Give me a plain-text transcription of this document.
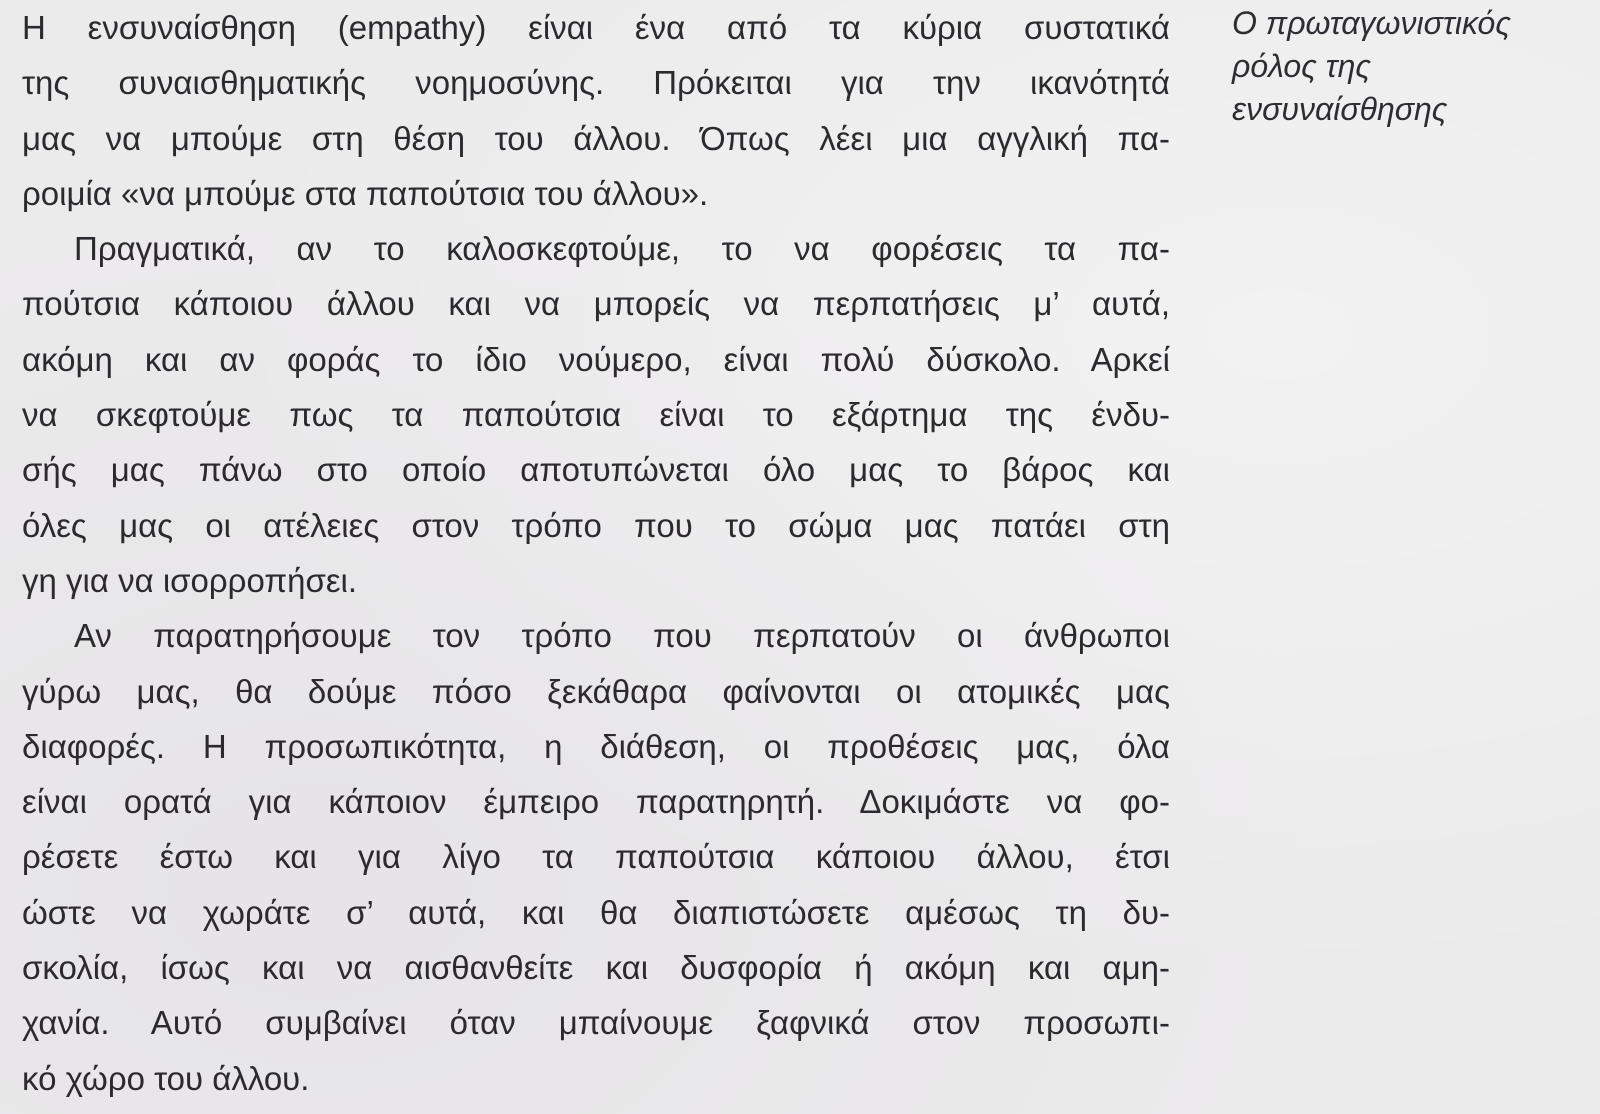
Η ενσυναίσθηση (empathy) είναι ένα από τα κύρια συστατικά
της συναισθηματικής νοημοσύνης. Πρόκειται για την ικανότητά
μας να μπούμε στη θέση του άλλου. Όπως λέει μια αγγλική πα-
ροιμία «να μπούμε στα παπούτσια του άλλου».
Πραγματικά, αν το καλοσκεφτούμε, το να φορέσεις τα πα-
πούτσια κάποιου άλλου και να μπορείς να περπατήσεις μ’ αυτά,
ακόμη και αν φοράς το ίδιο νούμερο, είναι πολύ δύσκολο. Αρκεί
να σκεφτούμε πως τα παπούτσια είναι το εξάρτημα της ένδυ-
σής μας πάνω στο οποίο αποτυπώνεται όλο μας το βάρος και
όλες μας οι ατέλειες στον τρόπο που το σώμα μας πατάει στη
γη για να ισορροπήσει.
Αν παρατηρήσουμε τον τρόπο που περπατούν οι άνθρωποι
γύρω μας, θα δούμε πόσο ξεκάθαρα φαίνονται οι ατομικές μας
διαφορές. Η προσωπικότητα, η διάθεση, οι προθέσεις μας, όλα
είναι ορατά για κάποιον έμπειρο παρατηρητή. Δοκιμάστε να φο-
ρέσετε έστω και για λίγο τα παπούτσια κάποιου άλλου, έτσι
ώστε να χωράτε σ’ αυτά, και θα διαπιστώσετε αμέσως τη δυ-
σκολία, ίσως και να αισθανθείτε και δυσφορία ή ακόμη και αμη-
χανία. Αυτό συμβαίνει όταν μπαίνουμε ξαφνικά στον προσωπι-
κό χώρο του άλλου.
Ο πρωταγωνιστικός
ρόλος της
ενσυναίσθησης
